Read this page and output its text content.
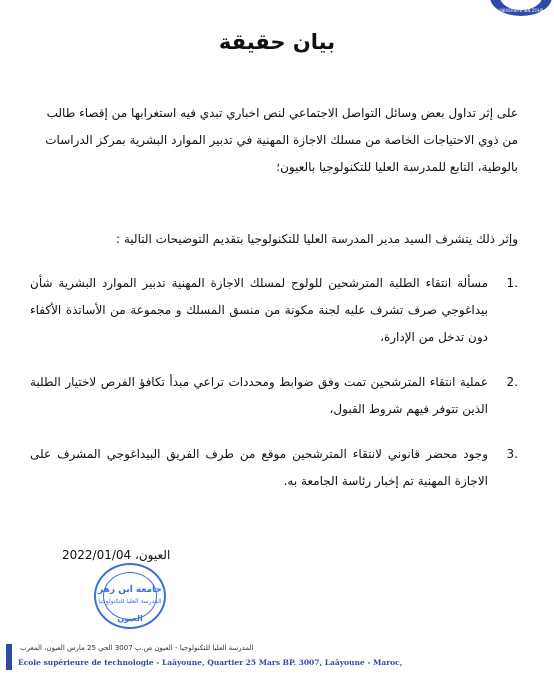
UNIVERSITE IBN ZOHR
بيان حقيقة

على إثر تداول بعض وسائل التواصل الاجتماعي لنص اخباري تبدي فيه استغرابها من إقصاء طالب من ذوي الاحتياجات الخاصة من مسلك الاجازة المهنية في تدبير الموارد البشرية بمركز الدراسات بالوطية، التابع للمدرسة العليا للتكنولوجيا بالعيون؛

وإثر ذلك يتشرف السيد مدير المدرسة العليا للتكنولوجيا بتقديم التوضيحات التالية :
1.
مسألة انتقاء الطلبة المترشحين للولوج لمسلك الاجازة المهنية تدبير الموارد البشرية شأن بيداغوجي صرف تشرف عليه لجنة مكونة من منسق المسلك و مجموعة من الأساتذة الأكفاء دون تدخل من الإدارة،
2.
عملية انتقاء المترشحين تمت وفق ضوابط ومحددات تراعي مبدأ تكافؤ الفرص لاختيار الطلبة الذين تتوفر فيهم شروط القبول،
3.
وجود محضر قانوني لانتقاء المترشحين موقع من طرف الفريق البيداغوجي المشرف على الاجازة المهنية تم إخبار رئاسة الجامعة به.
العيون، 2022/01/04
جامعة ابن زهر
المدرسة العليا للتكنولوجيا
العيون
المدرسة العليا للتكنولوجيا - العيون ص.ب 3007 الحي 25 مارس العيون، المغرب
Ecole supérieure de technologie - Laâyoune, Quartier 25 Mars BP. 3007, Laâyoune - Maroc,
